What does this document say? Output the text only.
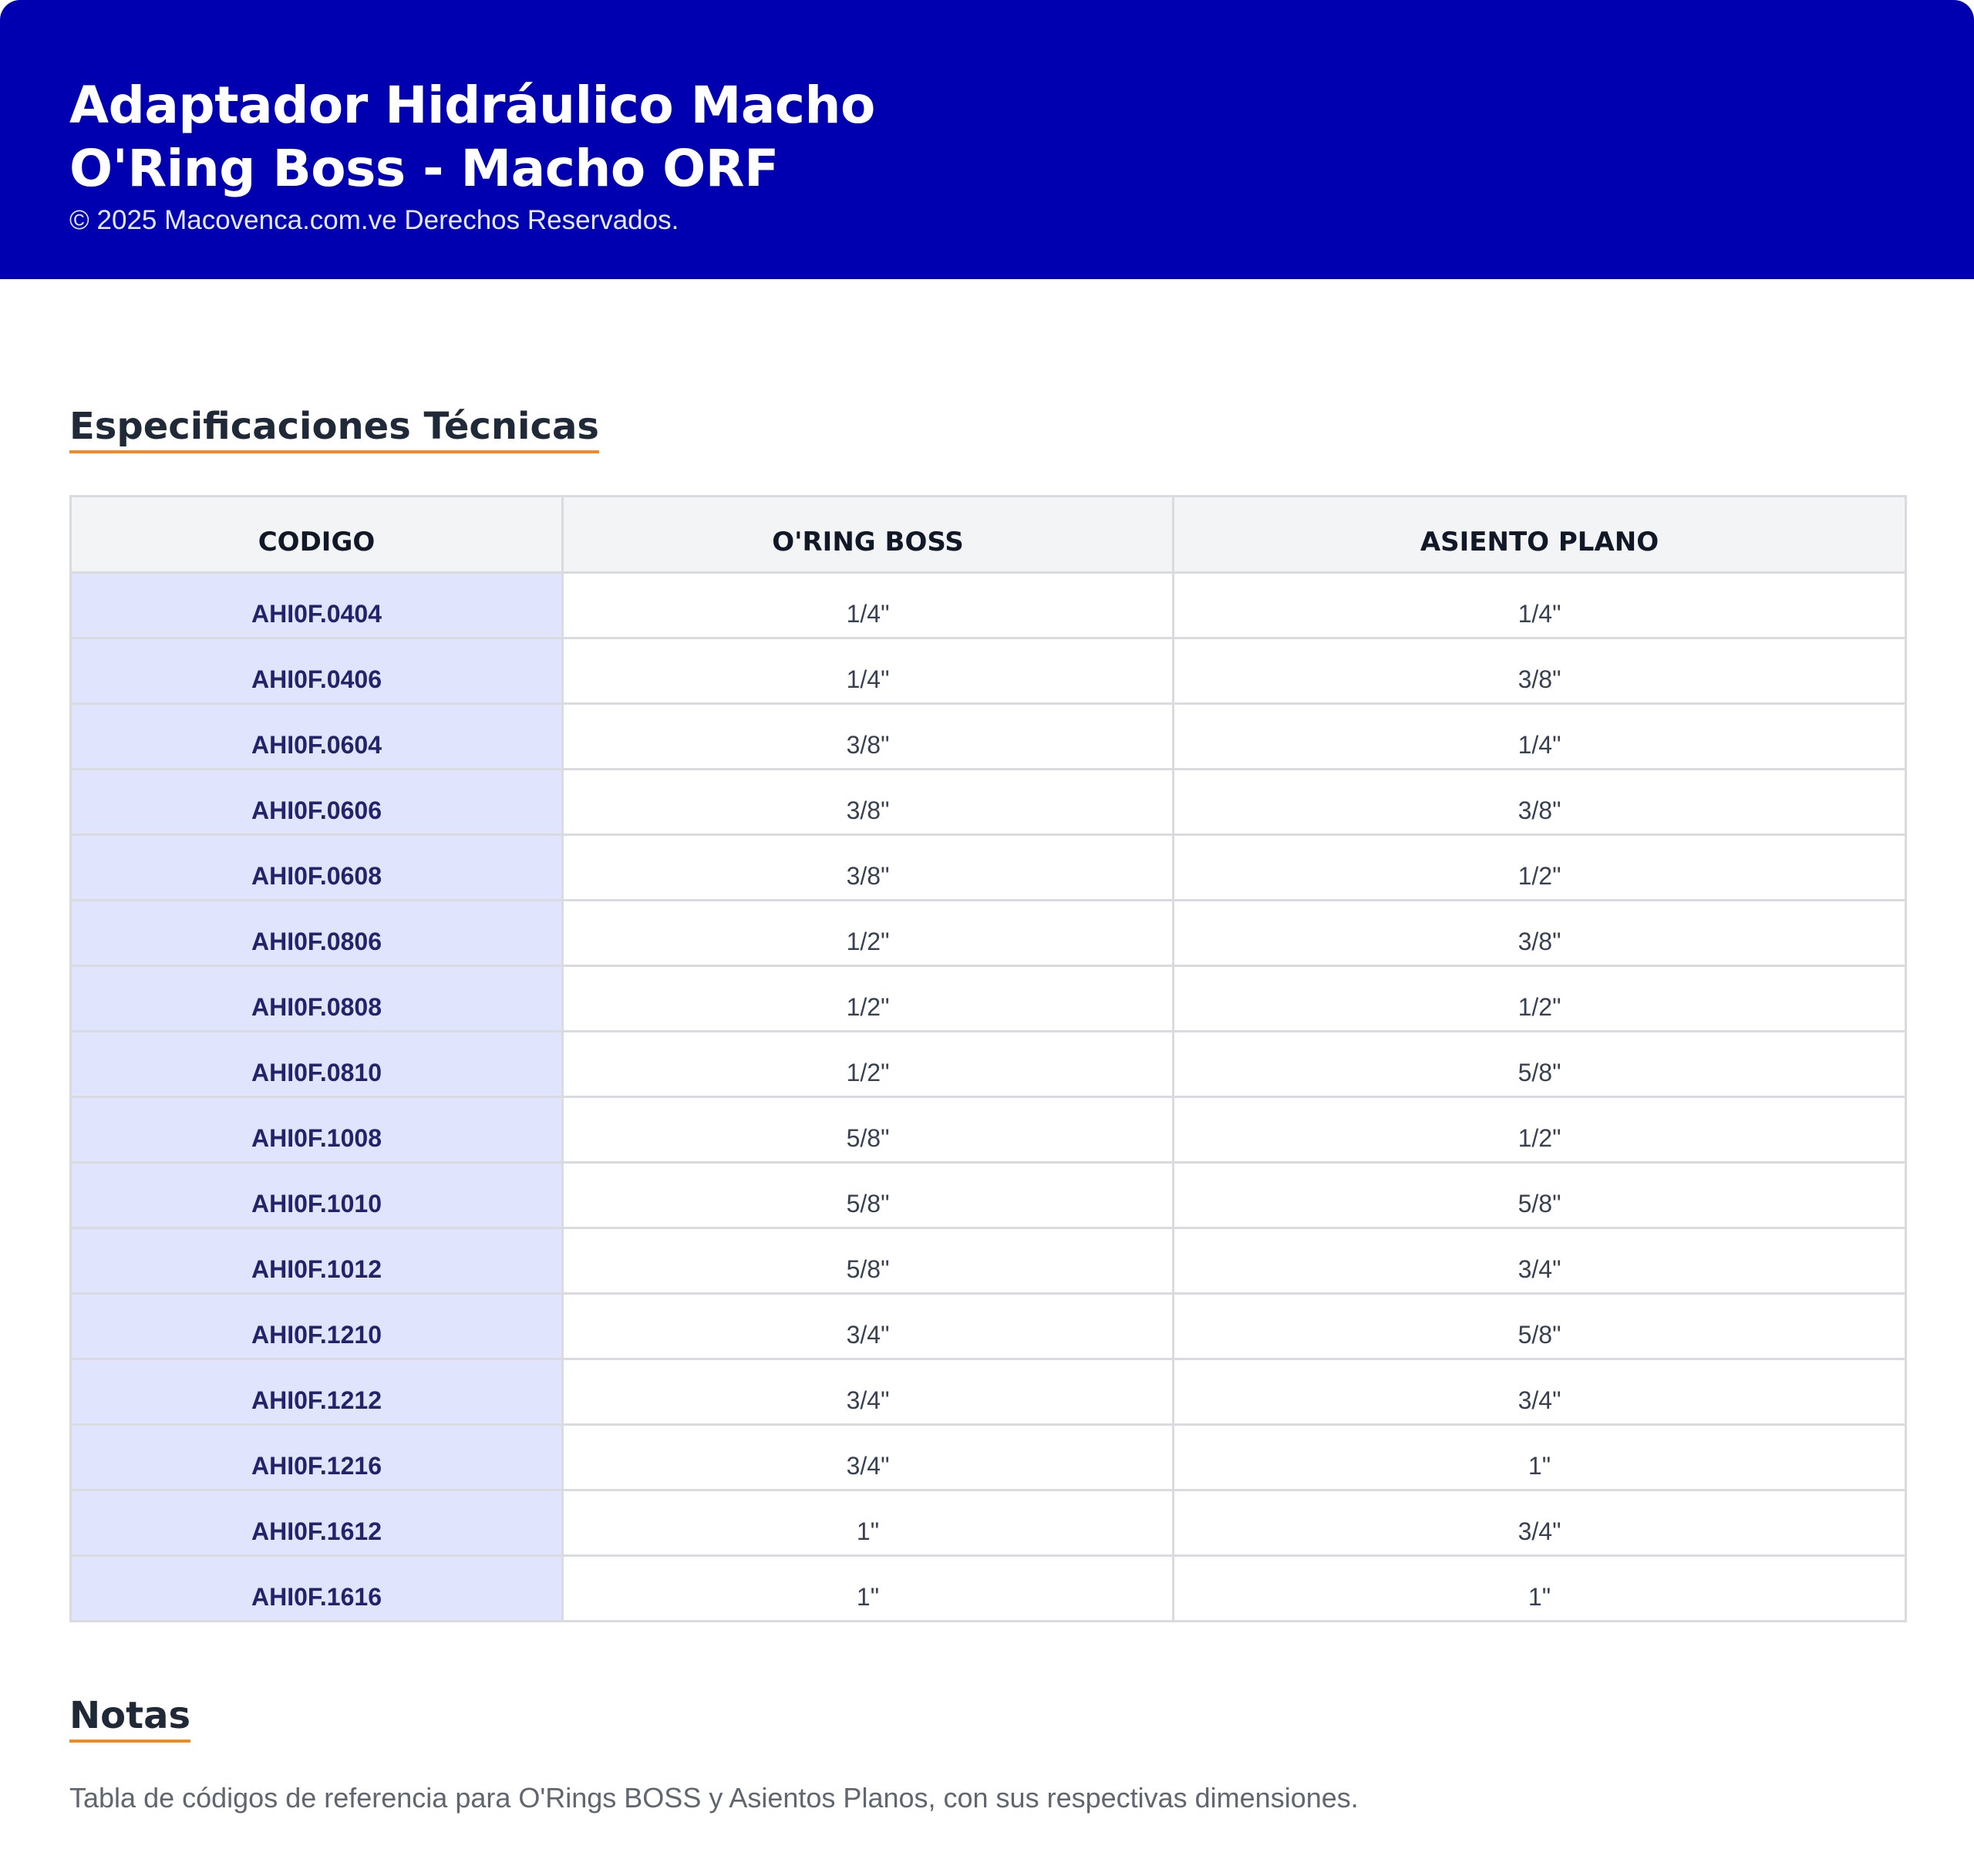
Adaptador Hidráulico Macho
O'Ring Boss - Macho ORF
© 2025 Macovenca.com.ve Derechos Reservados.
Especificaciones Técnicas
CODIGO	O'RING BOSS	ASIENTO PLANO
AHI0F.0404	1/4"	1/4"
AHI0F.0406	1/4"	3/8"
AHI0F.0604	3/8"	1/4"
AHI0F.0606	3/8"	3/8"
AHI0F.0608	3/8"	1/2"
AHI0F.0806	1/2"	3/8"
AHI0F.0808	1/2"	1/2"
AHI0F.0810	1/2"	5/8"
AHI0F.1008	5/8"	1/2"
AHI0F.1010	5/8"	5/8"
AHI0F.1012	5/8"	3/4"
AHI0F.1210	3/4"	5/8"
AHI0F.1212	3/4"	3/4"
AHI0F.1216	3/4"	1"
AHI0F.1612	1"	3/4"
AHI0F.1616	1"	1"
Notas
Tabla de códigos de referencia para O'Rings BOSS y Asientos Planos, con sus respectivas dimensiones.
